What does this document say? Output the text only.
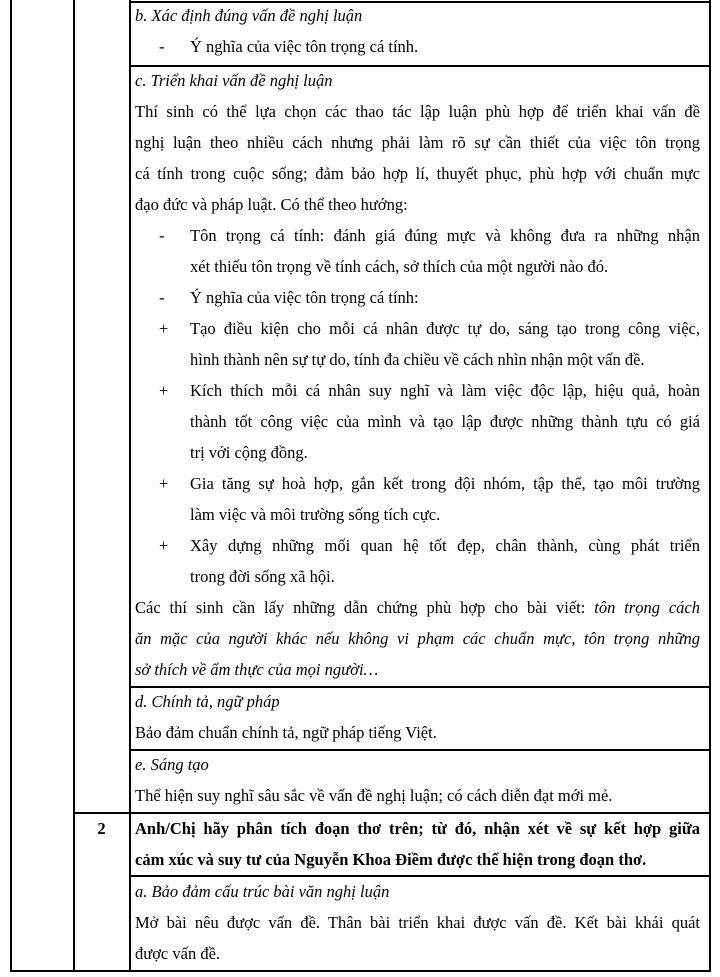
b. Xác định đúng vấn đề nghị luận

- Ý nghĩa của việc tôn trọng cá tính.

c. Triển khai vấn đề nghị luận

Thí sinh có thể lựa chọn các thao tác lập luận phù hợp để triển khai vấn đề

nghị luận theo nhiều cách nhưng phải làm rõ sự cần thiết của việc tôn trọng

cá tính trong cuộc sống; đảm bảo hợp lí, thuyết phục, phù hợp với chuẩn mực

đạo đức và pháp luật. Có thể theo hướng:

- Tôn trọng cá tính: đánh giá đúng mực và không đưa ra những nhận
xét thiếu tôn trọng về tính cách, sở thích của một người nào đó.
- Ý nghĩa của việc tôn trọng cá tính:
+ Tạo điều kiện cho mỗi cá nhân được tự do, sáng tạo trong công việc,
hình thành nên sự tự do, tính đa chiều về cách nhìn nhận một vấn đề.
+ Kích thích mỗi cá nhân suy nghĩ và làm việc độc lập, hiệu quả, hoàn
thành tốt công việc của mình và tạo lập được những thành tựu có giá
trị với cộng đồng.
+ Gia tăng sự hoà hợp, gắn kết trong đội nhóm, tập thể, tạo môi trường
làm việc và môi trường sống tích cực.
+ Xây dựng những mối quan hệ tốt đẹp, chân thành, cùng phát triển
trong đời sống xã hội.

Các thí sinh cần lấy những dẫn chứng phù hợp cho bài viết: tôn trọng cách

ăn mặc của người khác nếu không vi phạm các chuẩn mực, tôn trọng những

sở thích về ẩm thực của mọi người…

d. Chính tả, ngữ pháp

Bảo đảm chuẩn chính tả, ngữ pháp tiếng Việt.

e. Sáng tạo

Thể hiện suy nghĩ sâu sắc về vấn đề nghị luận; có cách diễn đạt mới mẻ.

2	Anh/Chị hãy phân tích đoạn thơ trên; từ đó, nhận xét về sự kết hợp giữa

cảm xúc và suy tư của Nguyễn Khoa Điềm được thể hiện trong đoạn thơ.

a. Bảo đảm cấu trúc bài văn nghị luận

Mở bài nêu được vấn đề. Thân bài triển khai được vấn đề. Kết bài khái quát

được vấn đề.
